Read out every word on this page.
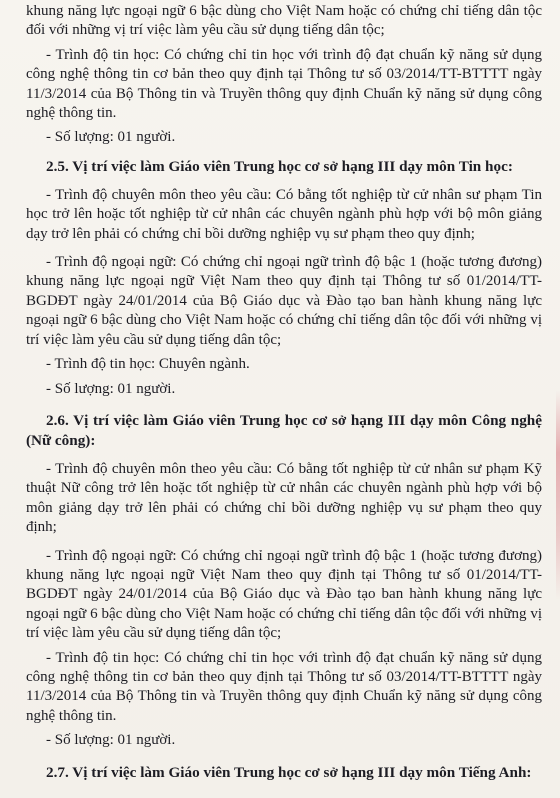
khung năng lực ngoại ngữ 6 bậc dùng cho Việt Nam hoặc có chứng chỉ tiếng dân tộc đối với những vị trí việc làm yêu cầu sử dụng tiếng dân tộc;

- Trình độ tin học: Có chứng chỉ tin học với trình độ đạt chuẩn kỹ năng sử dụng công nghệ thông tin cơ bản theo quy định tại Thông tư số 03/2014/TT-BTTTT ngày 11/3/2014 của Bộ Thông tin và Truyền thông quy định Chuẩn kỹ năng sử dụng công nghệ thông tin.

- Số lượng: 01 người.

2.5. Vị trí việc làm Giáo viên Trung học cơ sở hạng III dạy môn Tin học:

- Trình độ chuyên môn theo yêu cầu: Có bằng tốt nghiệp từ cử nhân sư phạm Tin học trở lên hoặc tốt nghiệp từ cử nhân các chuyên ngành phù hợp với bộ môn giảng dạy trở lên phải có chứng chỉ bồi dưỡng nghiệp vụ sư phạm theo quy định;

- Trình độ ngoại ngữ: Có chứng chỉ ngoại ngữ trình độ bậc 1 (hoặc tương đương) khung năng lực ngoại ngữ Việt Nam theo quy định tại Thông tư số 01/2014/TT-BGDĐT ngày 24/01/2014 của Bộ Giáo dục và Đào tạo ban hành khung năng lực ngoại ngữ 6 bậc dùng cho Việt Nam hoặc có chứng chỉ tiếng dân tộc đối với những vị trí việc làm yêu cầu sử dụng tiếng dân tộc;

- Trình độ tin học: Chuyên ngành.

- Số lượng: 01 người.

2.6. Vị trí việc làm Giáo viên Trung học cơ sở hạng III dạy môn Công nghệ (Nữ công):

- Trình độ chuyên môn theo yêu cầu: Có bằng tốt nghiệp từ cử nhân sư phạm Kỹ thuật Nữ công trở lên hoặc tốt nghiệp từ cử nhân các chuyên ngành phù hợp với bộ môn giảng dạy trở lên phải có chứng chỉ bồi dưỡng nghiệp vụ sư phạm theo quy định;

- Trình độ ngoại ngữ: Có chứng chỉ ngoại ngữ trình độ bậc 1 (hoặc tương đương) khung năng lực ngoại ngữ Việt Nam theo quy định tại Thông tư số 01/2014/TT-BGDĐT ngày 24/01/2014 của Bộ Giáo dục và Đào tạo ban hành khung năng lực ngoại ngữ 6 bậc dùng cho Việt Nam hoặc có chứng chỉ tiếng dân tộc đối với những vị trí việc làm yêu cầu sử dụng tiếng dân tộc;

- Trình độ tin học: Có chứng chỉ tin học với trình độ đạt chuẩn kỹ năng sử dụng công nghệ thông tin cơ bản theo quy định tại Thông tư số 03/2014/TT-BTTTT ngày 11/3/2014 của Bộ Thông tin và Truyền thông quy định Chuẩn kỹ năng sử dụng công nghệ thông tin.

- Số lượng: 01 người.

2.7. Vị trí việc làm Giáo viên Trung học cơ sở hạng III dạy môn Tiếng Anh:
